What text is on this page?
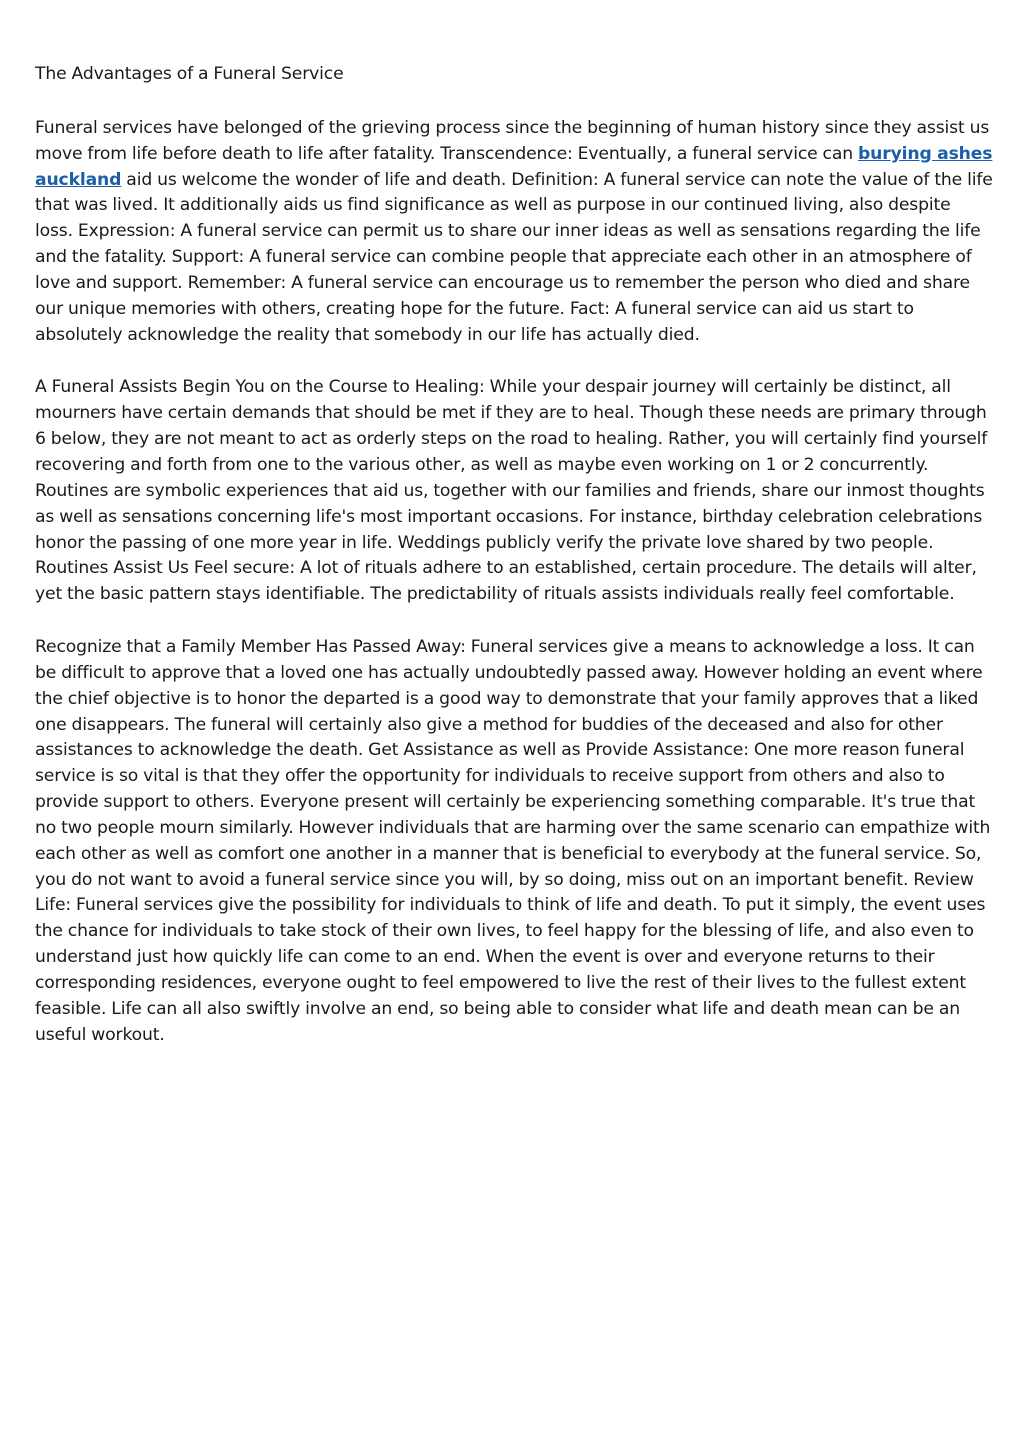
The Advantages of a Funeral Service

Funeral services have belonged of the grieving process since the beginning of human history since they assist us move from life before death to life after fatality. Transcendence: Eventually, a funeral service can burying ashes auckland aid us welcome the wonder of life and death. Definition: A funeral service can note the value of the life that was lived. It additionally aids us find significance as well as purpose in our continued living, also despite loss. Expression: A funeral service can permit us to share our inner ideas as well as sensations regarding the life and the fatality. Support: A funeral service can combine people that appreciate each other in an atmosphere of love and support. Remember: A funeral service can encourage us to remember the person who died and share our unique memories with others, creating hope for the future. Fact: A funeral service can aid us start to absolutely acknowledge the reality that somebody in our life has actually died.

A Funeral Assists Begin You on the Course to Healing: While your despair journey will certainly be distinct, all mourners have certain demands that should be met if they are to heal. Though these needs are primary through 6 below, they are not meant to act as orderly steps on the road to healing. Rather, you will certainly find yourself recovering and forth from one to the various other, as well as maybe even working on 1 or 2 concurrently. Routines are symbolic experiences that aid us, together with our families and friends, share our inmost thoughts as well as sensations concerning life's most important occasions. For instance, birthday celebration celebrations honor the passing of one more year in life. Weddings publicly verify the private love shared by two people. Routines Assist Us Feel secure: A lot of rituals adhere to an established, certain procedure. The details will alter, yet the basic pattern stays identifiable. The predictability of rituals assists individuals really feel comfortable.

Recognize that a Family Member Has Passed Away: Funeral services give a means to acknowledge a loss. It can be difficult to approve that a loved one has actually undoubtedly passed away. However holding an event where the chief objective is to honor the departed is a good way to demonstrate that your family approves that a liked one disappears. The funeral will certainly also give a method for buddies of the deceased and also for other assistances to acknowledge the death. Get Assistance as well as Provide Assistance: One more reason funeral service is so vital is that they offer the opportunity for individuals to receive support from others and also to provide support to others. Everyone present will certainly be experiencing something comparable. It's true that no two people mourn similarly. However individuals that are harming over the same scenario can empathize with each other as well as comfort one another in a manner that is beneficial to everybody at the funeral service. So, you do not want to avoid a funeral service since you will, by so doing, miss out on an important benefit. Review Life: Funeral services give the possibility for individuals to think of life and death. To put it simply, the event uses the chance for individuals to take stock of their own lives, to feel happy for the blessing of life, and also even to understand just how quickly life can come to an end. When the event is over and everyone returns to their corresponding residences, everyone ought to feel empowered to live the rest of their lives to the fullest extent feasible. Life can all also swiftly involve an end, so being able to consider what life and death mean can be an useful workout.
